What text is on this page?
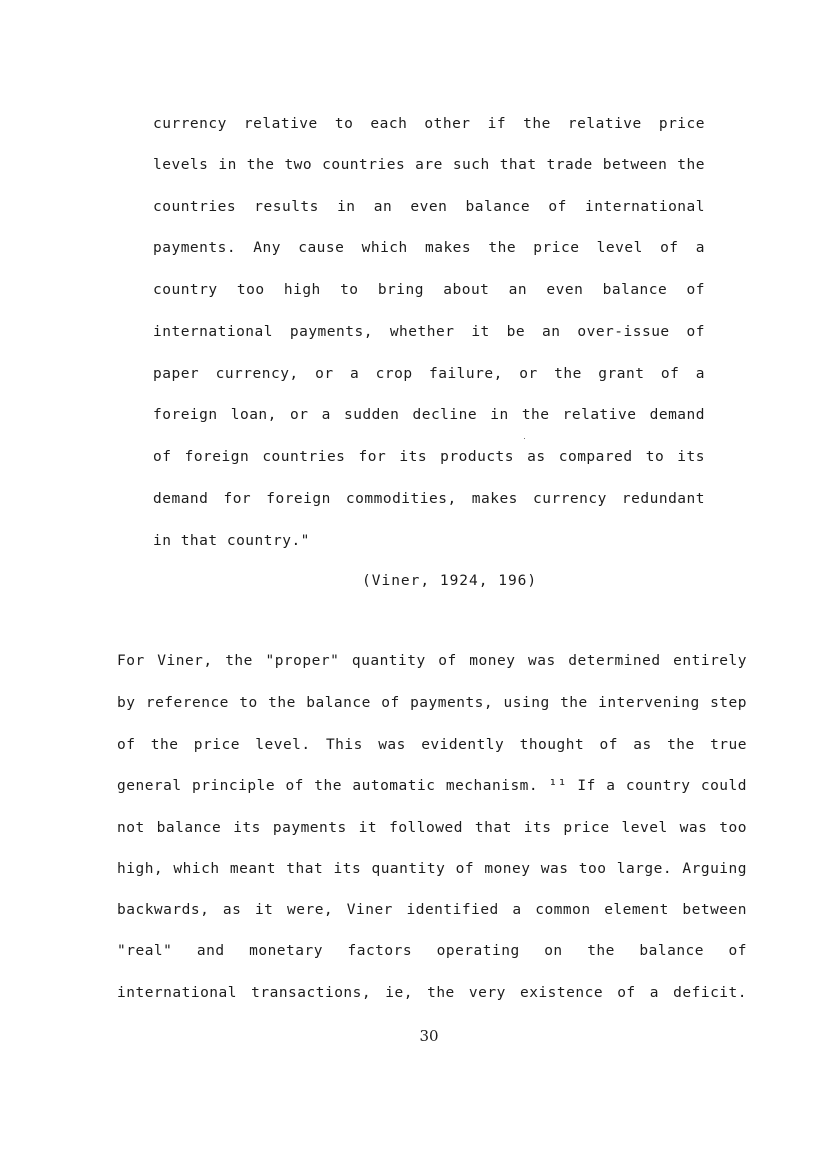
currency relative to each other if the relative price
levels in the two countries are such that trade between the
countries results in an even balance of international
payments. Any cause which makes the price level of a
country too high to bring about an even balance of
international payments, whether it be an over-issue of
paper currency, or a crop failure, or the grant of a
foreign loan, or a sudden decline in the relative demand
of foreign countries for its products as compared to its
demand for foreign commodities, makes currency redundant
in that country."
(Viner, 1924, 196)
For Viner, the "proper" quantity of money was determined entirely
by reference to the balance of payments, using the intervening step
of the price level. This was evidently thought of as the true
general principle of the automatic mechanism. ¹¹ If a country could
not balance its payments it followed that its price level was too
high, which meant that its quantity of money was too large. Arguing
backwards, as it were, Viner identified a common element between
"real" and monetary factors operating on the balance of
international transactions, ie, the very existence of a deficit.
30
